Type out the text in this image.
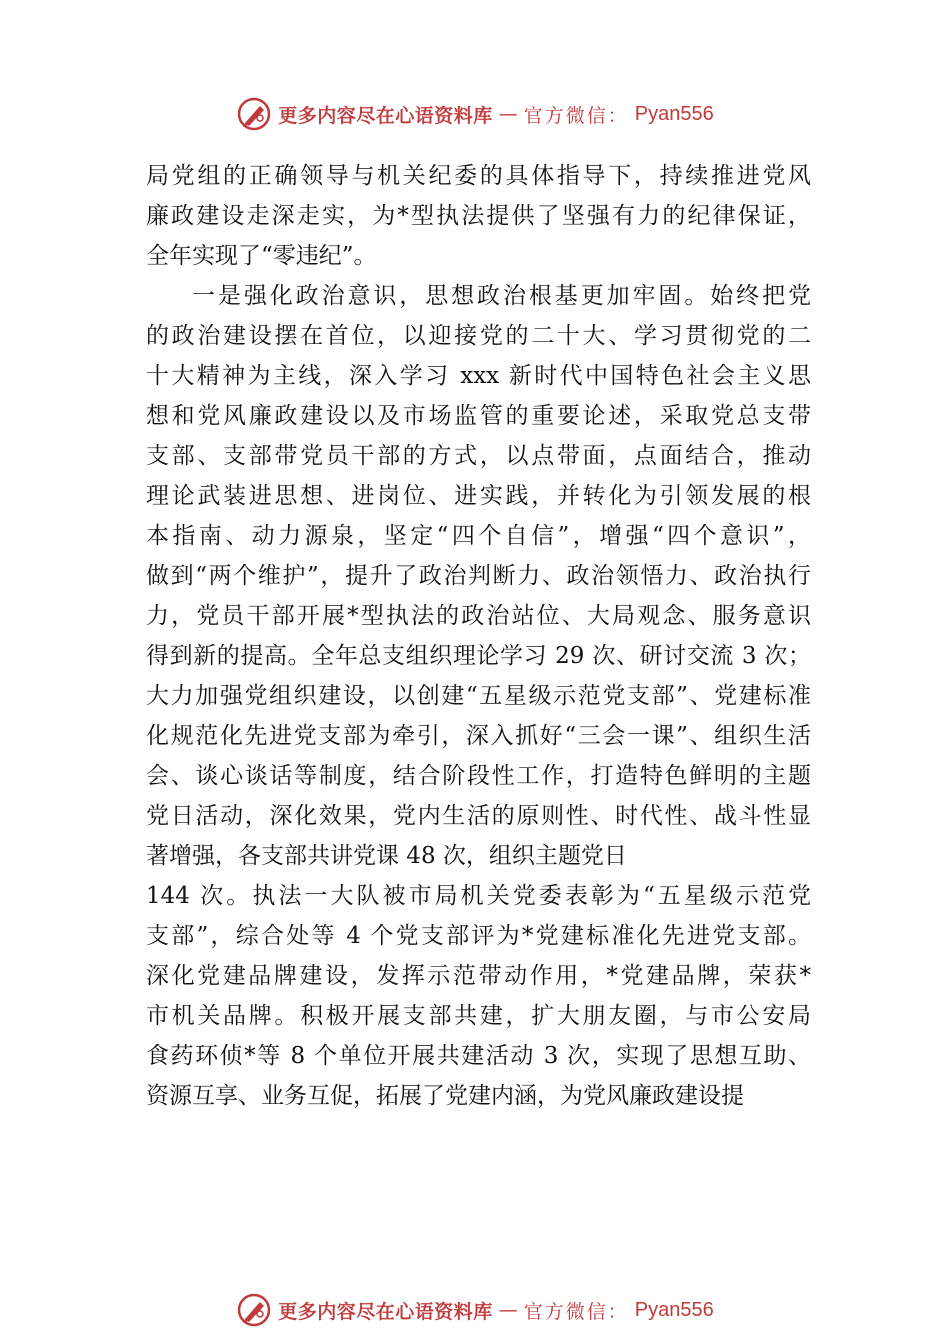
更多内容尽在心语资料库 — 官方微信： Pyan556
局党组的正确领导与机关纪委的具体指导下，持续推进党风
廉政建设走深走实，为*型执法提供了坚强有力的纪律保证，
全年实现了“零违纪”。
一是强化政治意识，思想政治根基更加牢固。始终把党
的政治建设摆在首位，以迎接党的二十大、学习贯彻党的二
十大精神为主线，深入学习 xxx 新时代中国特色社会主义思
想和党风廉政建设以及市场监管的重要论述，采取党总支带
支部、支部带党员干部的方式，以点带面，点面结合，推动
理论武装进思想、进岗位、进实践，并转化为引领发展的根
本指南、动力源泉，坚定“四个自信”，增强“四个意识”，
做到“两个维护”，提升了政治判断力、政治领悟力、政治执行
力，党员干部开展*型执法的政治站位、大局观念、服务意识
得到新的提高。全年总支组织理论学习 29 次、研讨交流 3 次；
大力加强党组织建设，以创建“五星级示范党支部”、党建标准
化规范化先进党支部为牵引，深入抓好“三会一课”、组织生活
会、谈心谈话等制度，结合阶段性工作，打造特色鲜明的主题
党日活动，深化效果，党内生活的原则性、时代性、战斗性显
著增强，各支部共讲党课 48 次，组织主题党日
144 次。执法一大队被市局机关党委表彰为“五星级示范党
支部”，综合处等 4 个党支部评为*党建标准化先进党支部。
深化党建品牌建设，发挥示范带动作用，*党建品牌，荣获*
市机关品牌。积极开展支部共建，扩大朋友圈，与市公安局
食药环侦*等 8 个单位开展共建活动 3 次，实现了思想互助、
资源互享、业务互促，拓展了党建内涵，为党风廉政建设提
更多内容尽在心语资料库 — 官方微信： Pyan556
